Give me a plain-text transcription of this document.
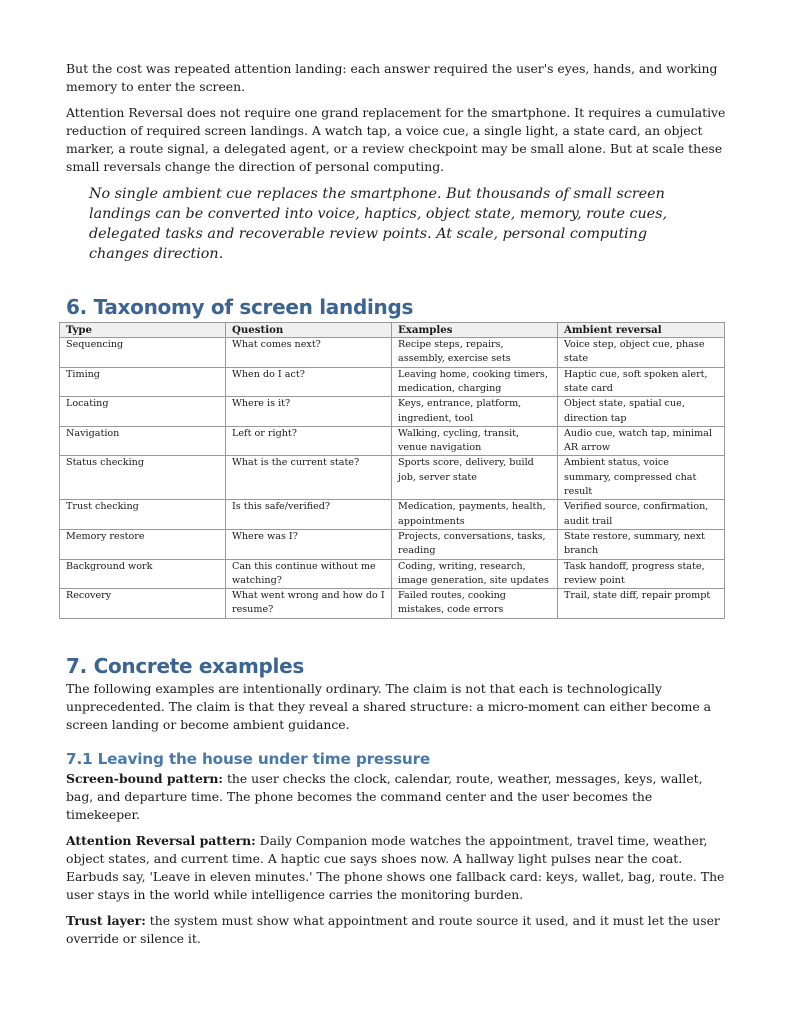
But the cost was repeated attention landing: each answer required the user's eyes, hands, and working memory to enter the screen.

Attention Reversal does not require one grand replacement for the smartphone. It requires a cumulative reduction of required screen landings. A watch tap, a voice cue, a single light, a state card, an object marker, a route signal, a delegated agent, or a review checkpoint may be small alone. But at scale these small reversals change the direction of personal computing.

No single ambient cue replaces the smartphone. But thousands of small screen landings can be converted into voice, haptics, object state, memory, route cues, delegated tasks and recoverable review points. At scale, personal computing changes direction.
6. Taxonomy of screen landings
Type	Question	Examples	Ambient reversal
Sequencing	What comes next?	Recipe steps, repairs, assembly, exercise sets	Voice step, object cue, phase state
Timing	When do I act?	Leaving home, cooking timers, medication, charging	Haptic cue, soft spoken alert, state card
Locating	Where is it?	Keys, entrance, platform, ingredient, tool	Object state, spatial cue, direction tap
Navigation	Left or right?	Walking, cycling, transit, venue navigation	Audio cue, watch tap, minimal AR arrow
Status checking	What is the current state?	Sports score, delivery, build job, server state	Ambient status, voice summary, compressed chat result
Trust checking	Is this safe/verified?	Medication, payments, health, appointments	Verified source, confirmation, audit trail
Memory restore	Where was I?	Projects, conversations, tasks, reading	State restore, summary, next branch
Background work	Can this continue without me watching?	Coding, writing, research, image generation, site updates	Task handoff, progress state, review point
Recovery	What went wrong and how do I resume?	Failed routes, cooking mistakes, code errors	Trail, state diff, repair prompt
7. Concrete examples

The following examples are intentionally ordinary. The claim is not that each is technologically unprecedented. The claim is that they reveal a shared structure: a micro-moment can either become a screen landing or become ambient guidance.

7.1 Leaving the house under time pressure

Screen-bound pattern: the user checks the clock, calendar, route, weather, messages, keys, wallet, bag, and departure time. The phone becomes the command center and the user becomes the timekeeper.

Attention Reversal pattern: Daily Companion mode watches the appointment, travel time, weather, object states, and current time. A haptic cue says shoes now. A hallway light pulses near the coat. Earbuds say, 'Leave in eleven minutes.' The phone shows one fallback card: keys, wallet, bag, route. The user stays in the world while intelligence carries the monitoring burden.

Trust layer: the system must show what appointment and route source it used, and it must let the user override or silence it.
